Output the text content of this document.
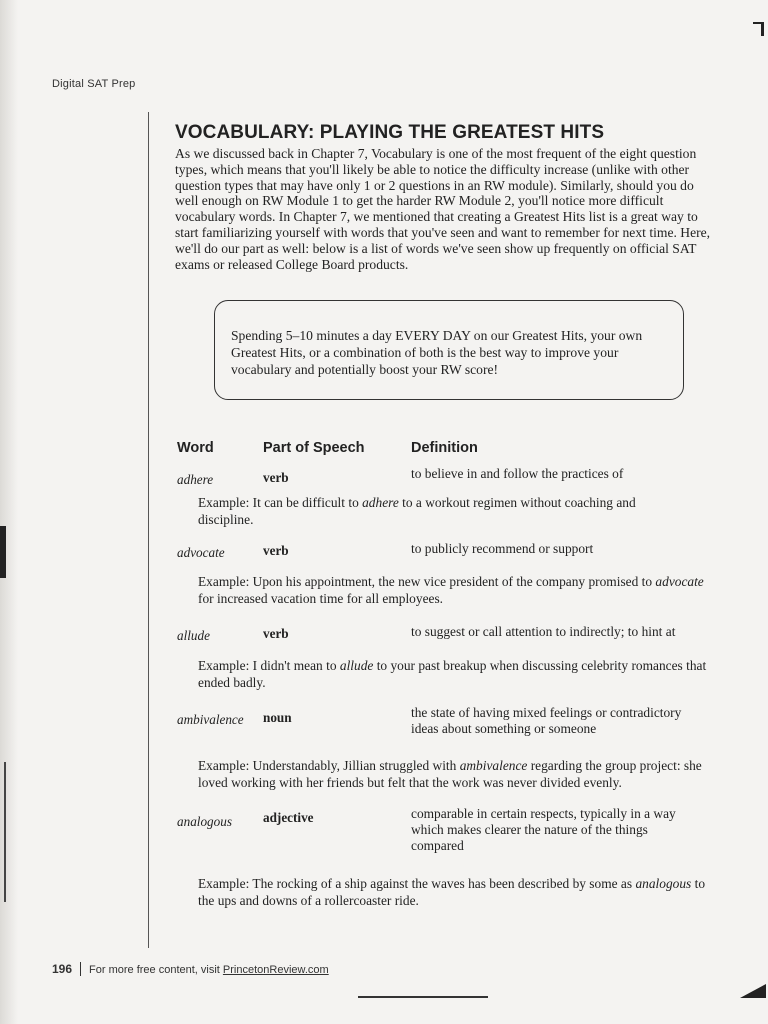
Digital SAT Prep
VOCABULARY: PLAYING THE GREATEST HITS

As we discussed back in Chapter 7, Vocabulary is one of the most frequent of the eight question types, which means that you'll likely be able to notice the difficulty increase (unlike with other question types that may have only 1 or 2 questions in an RW module). Similarly, should you do well enough on RW Module 1 to get the harder RW Module 2, you'll notice more difficult vocabulary words. In Chapter 7, we mentioned that creating a Greatest Hits list is a great way to start familiarizing yourself with words that you've seen and want to remember for next time. Here, we'll do our part as well: below is a list of words we've seen show up frequently on official SAT exams or released College Board products.

Spending 5–10 minutes a day EVERY DAY on our Greatest Hits, your own Greatest Hits, or a combination of both is the best way to improve your vocabulary and potentially boost your RW score!

Word	Part of Speech	Definition
adhere	verb	to believe in and follow the practices of

Example: It can be difficult to adhere to a workout regimen without coaching and discipline.

advocate	verb	to publicly recommend or support

Example: Upon his appointment, the new vice president of the company promised to advocate for increased vacation time for all employees.

allude	verb	to suggest or call attention to indirectly; to hint at

Example: I didn't mean to allude to your past breakup when discussing celebrity romances that ended badly.

ambivalence noun	the state of having mixed feelings or contradictory ideas about something or someone

Example: Understandably, Jillian struggled with ambivalence regarding the group project: she loved working with her friends but felt that the work was never divided evenly.

analogous adjective	comparable in certain respects, typically in a way which makes clearer the nature of the things compared

Example: The rocking of a ship against the waves has been described by some as analogous to the ups and downs of a rollercoaster ride.

196 For more free content, visit PrincetonReview.com
